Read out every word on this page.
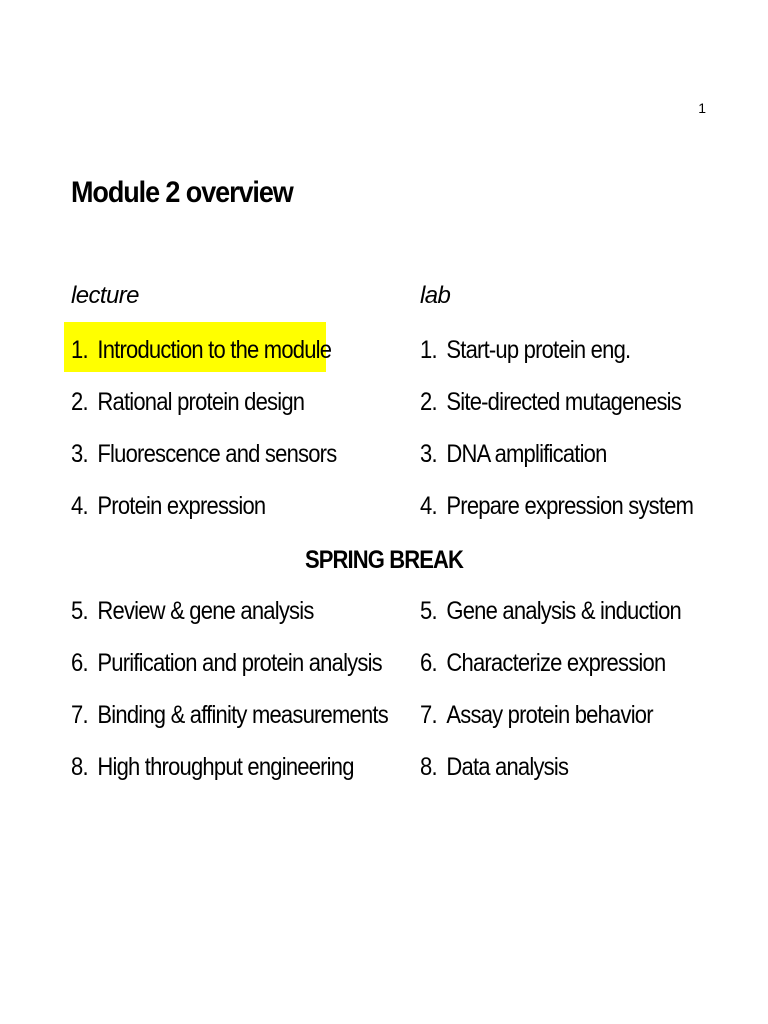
1
Module 2 overview
lecture	lab
1. Introduction to the module	1. Start-up protein eng.
2. Rational protein design	2. Site-directed mutagenesis
3. Fluorescence and sensors	3. DNA amplification
4. Protein expression	4. Prepare expression system
SPRING BREAK
5. Review & gene analysis	5. Gene analysis & induction
6. Purification and protein analysis 6. Characterize expression
7. Binding & affinity measurements 7. Assay protein behavior
8. High throughput engineering	8. Data analysis
